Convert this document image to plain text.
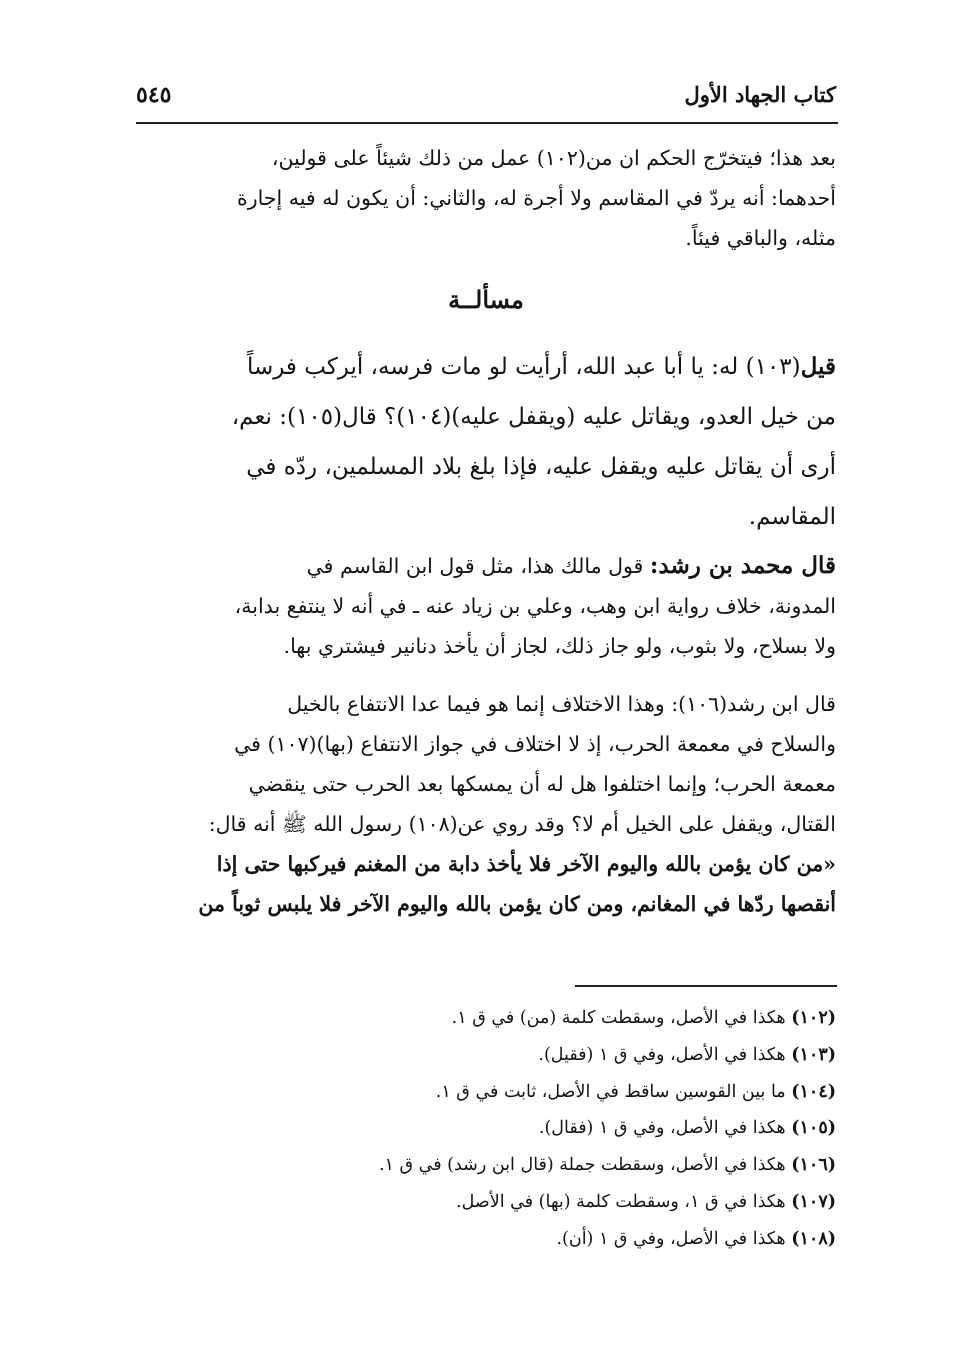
كتاب الجهاد الأول
٥٤٥
بعد هذا؛ فيتخرّج الحكم ان من(١٠٢) عمل من ذلك شيئاً على قولين،
أحدهما: أنه يردّ في المقاسم ولا أجرة له، والثاني: أن يكون له فيه إجارة
مثله، والباقي فيئاً.
مسألــة
قيل(١٠٣) له: يا أبا عبد الله، أرأيت لو مات فرسه، أيركب فرساً
من خيل العدو، ويقاتل عليه (ويقفل عليه)(١٠٤)؟ قال(١٠٥): نعم،
أرى أن يقاتل عليه ويقفل عليه، فإذا بلغ بلاد المسلمين، ردّه في
المقاسم.
قال محمد بن رشد: قول مالك هذا، مثل قول ابن القاسم في
المدونة، خلاف رواية ابن وهب، وعلي بن زياد عنه ـ في أنه لا ينتفع بدابة،
ولا بسلاح، ولا بثوب، ولو جاز ذلك، لجاز أن يأخذ دنانير فيشتري بها.
قال ابن رشد(١٠٦): وهذا الاختلاف إنما هو فيما عدا الانتفاع بالخيل
والسلاح في معمعة الحرب، إذ لا اختلاف في جواز الانتفاع (بها)(١٠٧) في
معمعة الحرب؛ وإنما اختلفوا هل له أن يمسكها بعد الحرب حتى ينقضي
القتال، ويقفل على الخيل أم لا؟ وقد روي عن(١٠٨) رسول الله ﷺ أنه قال:
«من كان يؤمن بالله واليوم الآخر فلا يأخذ دابة من المغنم فيركبها حتى إذا
أنقصها ردّها في المغانم، ومن كان يؤمن بالله واليوم الآخر فلا يلبس ثوباً من
(١٠٢) هكذا في الأصل، وسقطت كلمة (من) في ق ١.
(١٠٣) هكذا في الأصل، وفي ق ١ (فقيل).
(١٠٤) ما بين القوسين ساقط في الأصل، ثابت في ق ١.
(١٠٥) هكذا في الأصل، وفي ق ١ (فقال).
(١٠٦) هكذا في الأصل، وسقطت جملة (قال ابن رشد) في ق ١.
(١٠٧) هكذا في ق ١، وسقطت كلمة (بها) في الأصل.
(١٠٨) هكذا في الأصل، وفي ق ١ (أن).
